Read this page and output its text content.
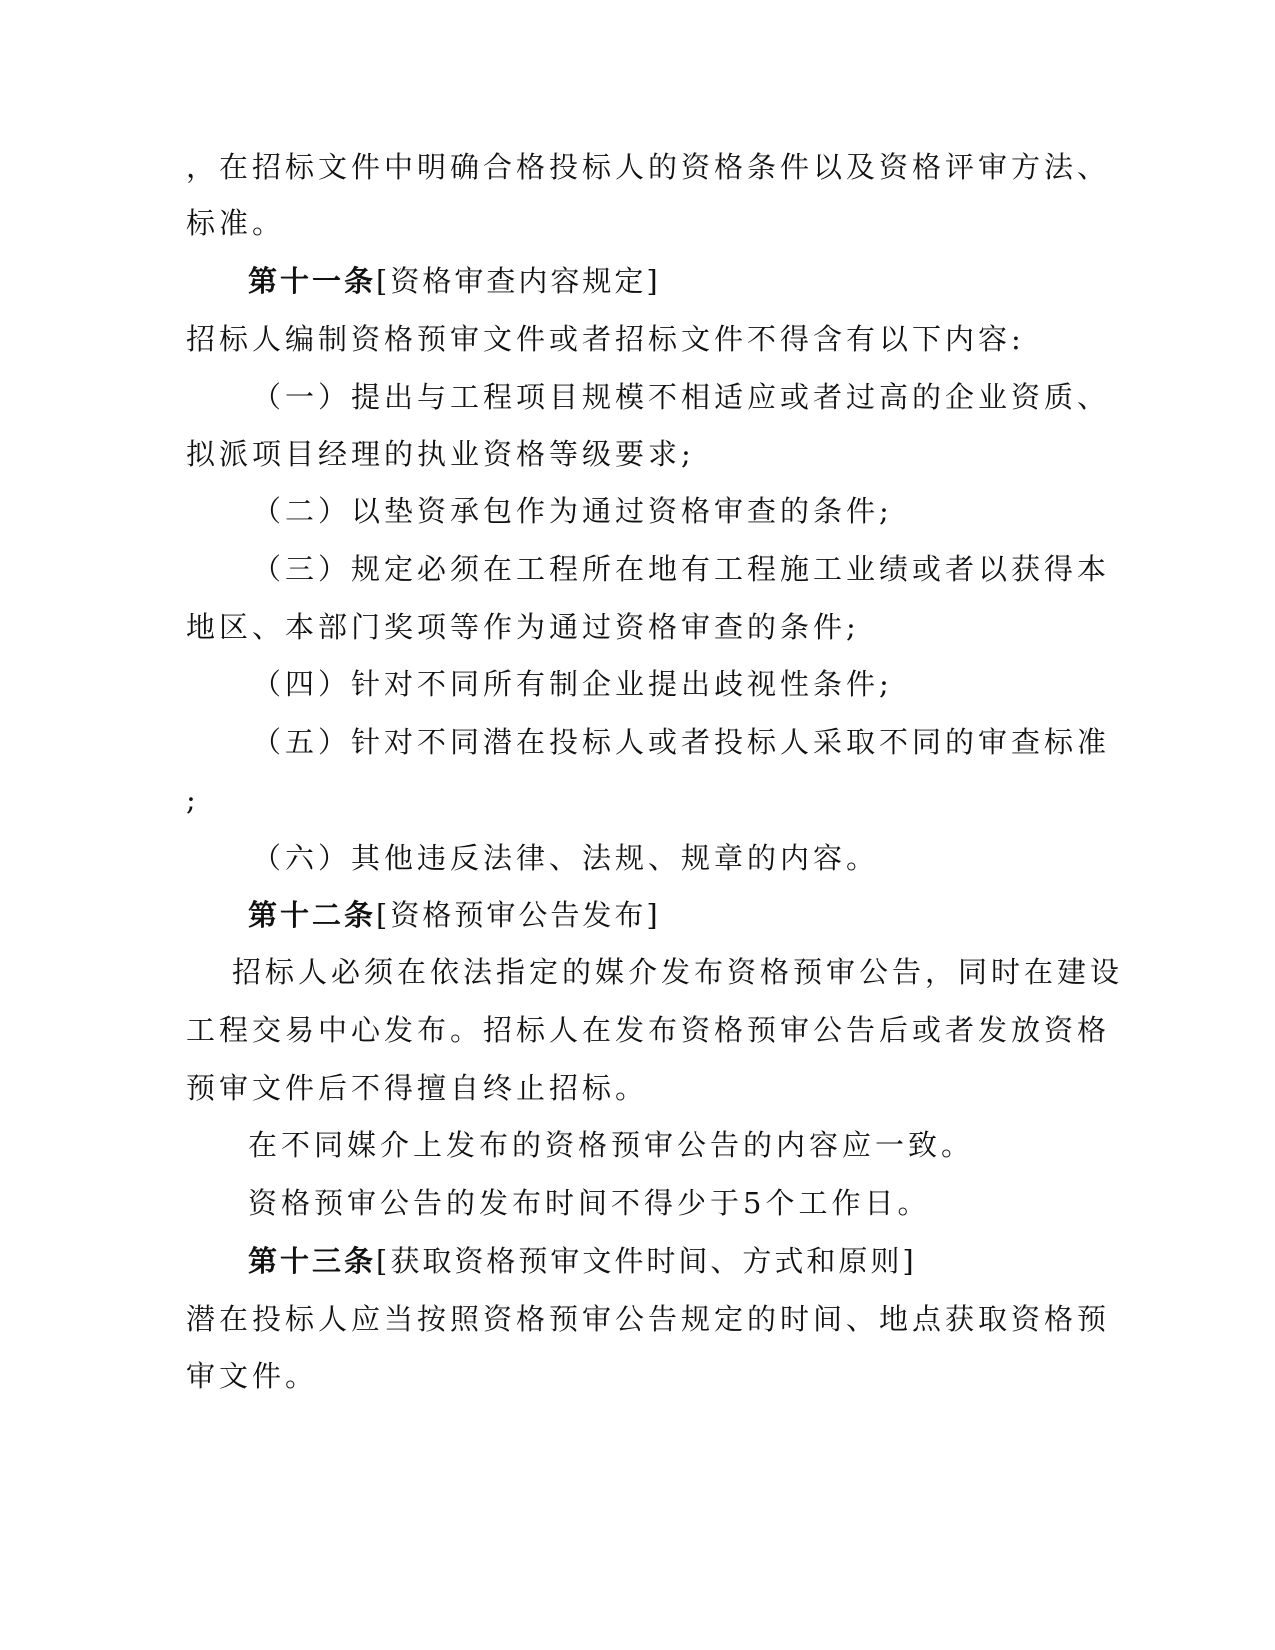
，在招标文件中明确合格投标人的资格条件以及资格评审方法、
标准。
第十一条[资格审查内容规定]
招标人编制资格预审文件或者招标文件不得含有以下内容:
（一）提出与工程项目规模不相适应或者过高的企业资质、
拟派项目经理的执业资格等级要求;
（二）以垫资承包作为通过资格审查的条件;
（三）规定必须在工程所在地有工程施工业绩或者以获得本
地区、本部门奖项等作为通过资格审查的条件;
（四）针对不同所有制企业提出歧视性条件;
（五）针对不同潜在投标人或者投标人采取不同的审查标准
;
（六）其他违反法律、法规、规章的内容。
第十二条[资格预审公告发布]
招标人必须在依法指定的媒介发布资格预审公告，同时在建设
工程交易中心发布。招标人在发布资格预审公告后或者发放资格
预审文件后不得擅自终止招标。
在不同媒介上发布的资格预审公告的内容应一致。
资格预审公告的发布时间不得少于5个工作日。
第十三条[获取资格预审文件时间、方式和原则]
潜在投标人应当按照资格预审公告规定的时间、地点获取资格预
审文件。
